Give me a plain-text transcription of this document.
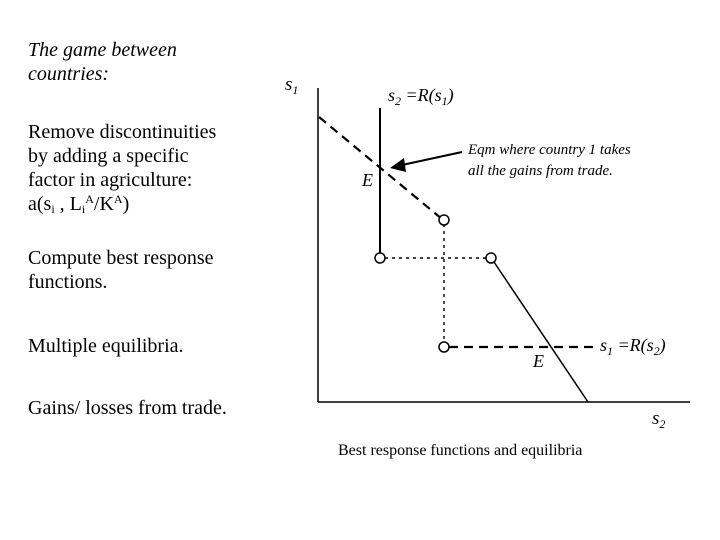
The game between
countries:
Remove discontinuities
by adding a specific
factor in agriculture:
$a(s_i$ , $L_i^A/K^A$)
Compute best response
functions.
Multiple equilibria.
Gains/ losses from trade.
$s_1$
$s_2$
$s_2 =R(s_1)$
$s_1 =R(s_2)$
E
E
Eqm where country 1 takes
all the gains from trade.
Best response functions and equilibria
